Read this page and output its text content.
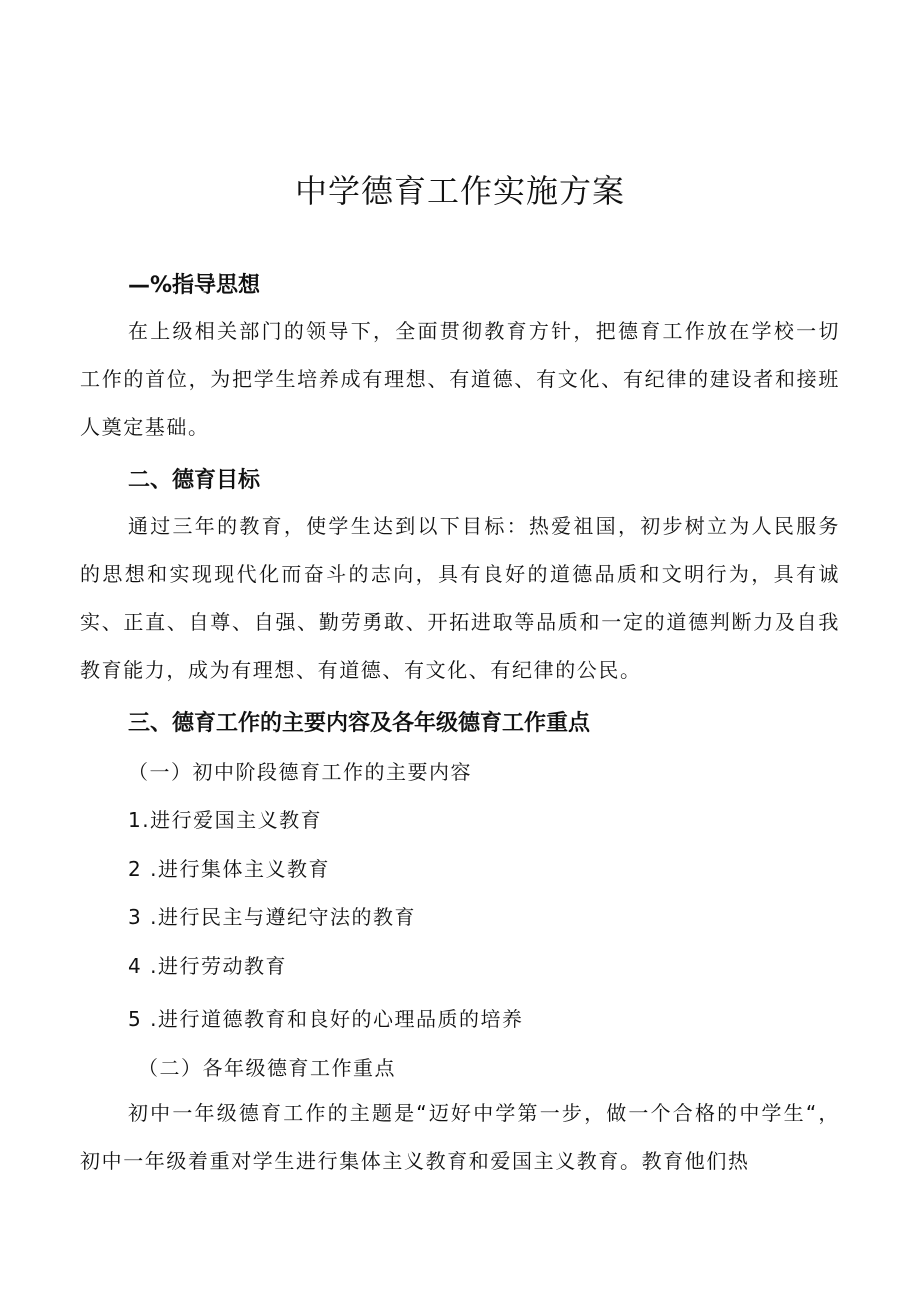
中学德育工作实施方案
—%指导思想

在上级相关部门的领导下，全面贯彻教育方针，把德育工作放在学校一切工作的首位，为把学生培养成有理想、有道德、有文化、有纪律的建设者和接班人奠定基础。

二、德育目标

通过三年的教育，使学生达到以下目标：热爱祖国，初步树立为人民服务的思想和实现现代化而奋斗的志向，具有良好的道德品质和文明行为，具有诚实、正直、自尊、自强、勤劳勇敢、开拓进取等品质和一定的道德判断力及自我教育能力，成为有理想、有道德、有文化、有纪律的公民。

三、德育工作的主要内容及各年级德育工作重点

（一）初中阶段德育工作的主要内容

1.进行爱国主义教育

2 .进行集体主义教育

3 .进行民主与遵纪守法的教育

4 .进行劳动教育

5 .进行道德教育和良好的心理品质的培养

（二）各年级德育工作重点

初中一年级德育工作的主题是“迈好中学第一步，做一个合格的中学生“，初中一年级着重对学生进行集体主义教育和爱国主义教育。教育他们热
